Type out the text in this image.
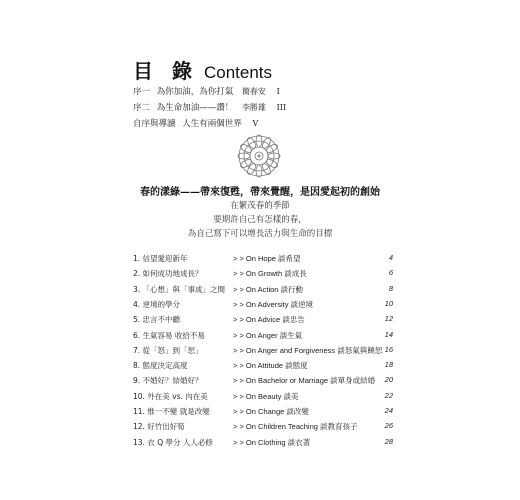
目 錄 Contents
序一 為你加油，為你打氣 簡春安 I
序二 為生命加油——讚！ 李勝雄 III
自序與導讀 人生有兩個世界 V
春的漾綠——帶來復甦，帶來覺醒，是因愛起初的創始
在繁茂春的季節
要期許自己有怎樣的春，
為自己寫下可以增長活力與生命的目標
1. 信望愛迎新年	> > On Hope 談希望	4
2. 如何成功地成長？	> > On Growth 談成長	6
3. 「心想」與「事成」之間 > > On Action 談行動	8
4. 逆境的學分	> > On Adversity 談逆境	10
5. 忠言不中聽	> > On Advice 談忠告	12
6. 生氣容易 收拾不易	> > On Anger 談生氣	14
7. 從「怒」到「恕」	> > On Anger and Forgiveness 談怒氣與饒恕 16
8. 態度決定高度	> > On Attitude 談態度	18
9. 不婚好？結婚好？	> > On Bachelor or Marriage 談單身或結婚 20
10. 外在美 vs. 內在美	> > On Beauty 談美	22
11. 惟一不變 就是改變	> > On Change 談改變	24
12. 好竹出好筍	> > On Children Teaching 談教育孩子	26
13. 衣 Q 學分 人人必修	> > On Clothing 談衣著	28
